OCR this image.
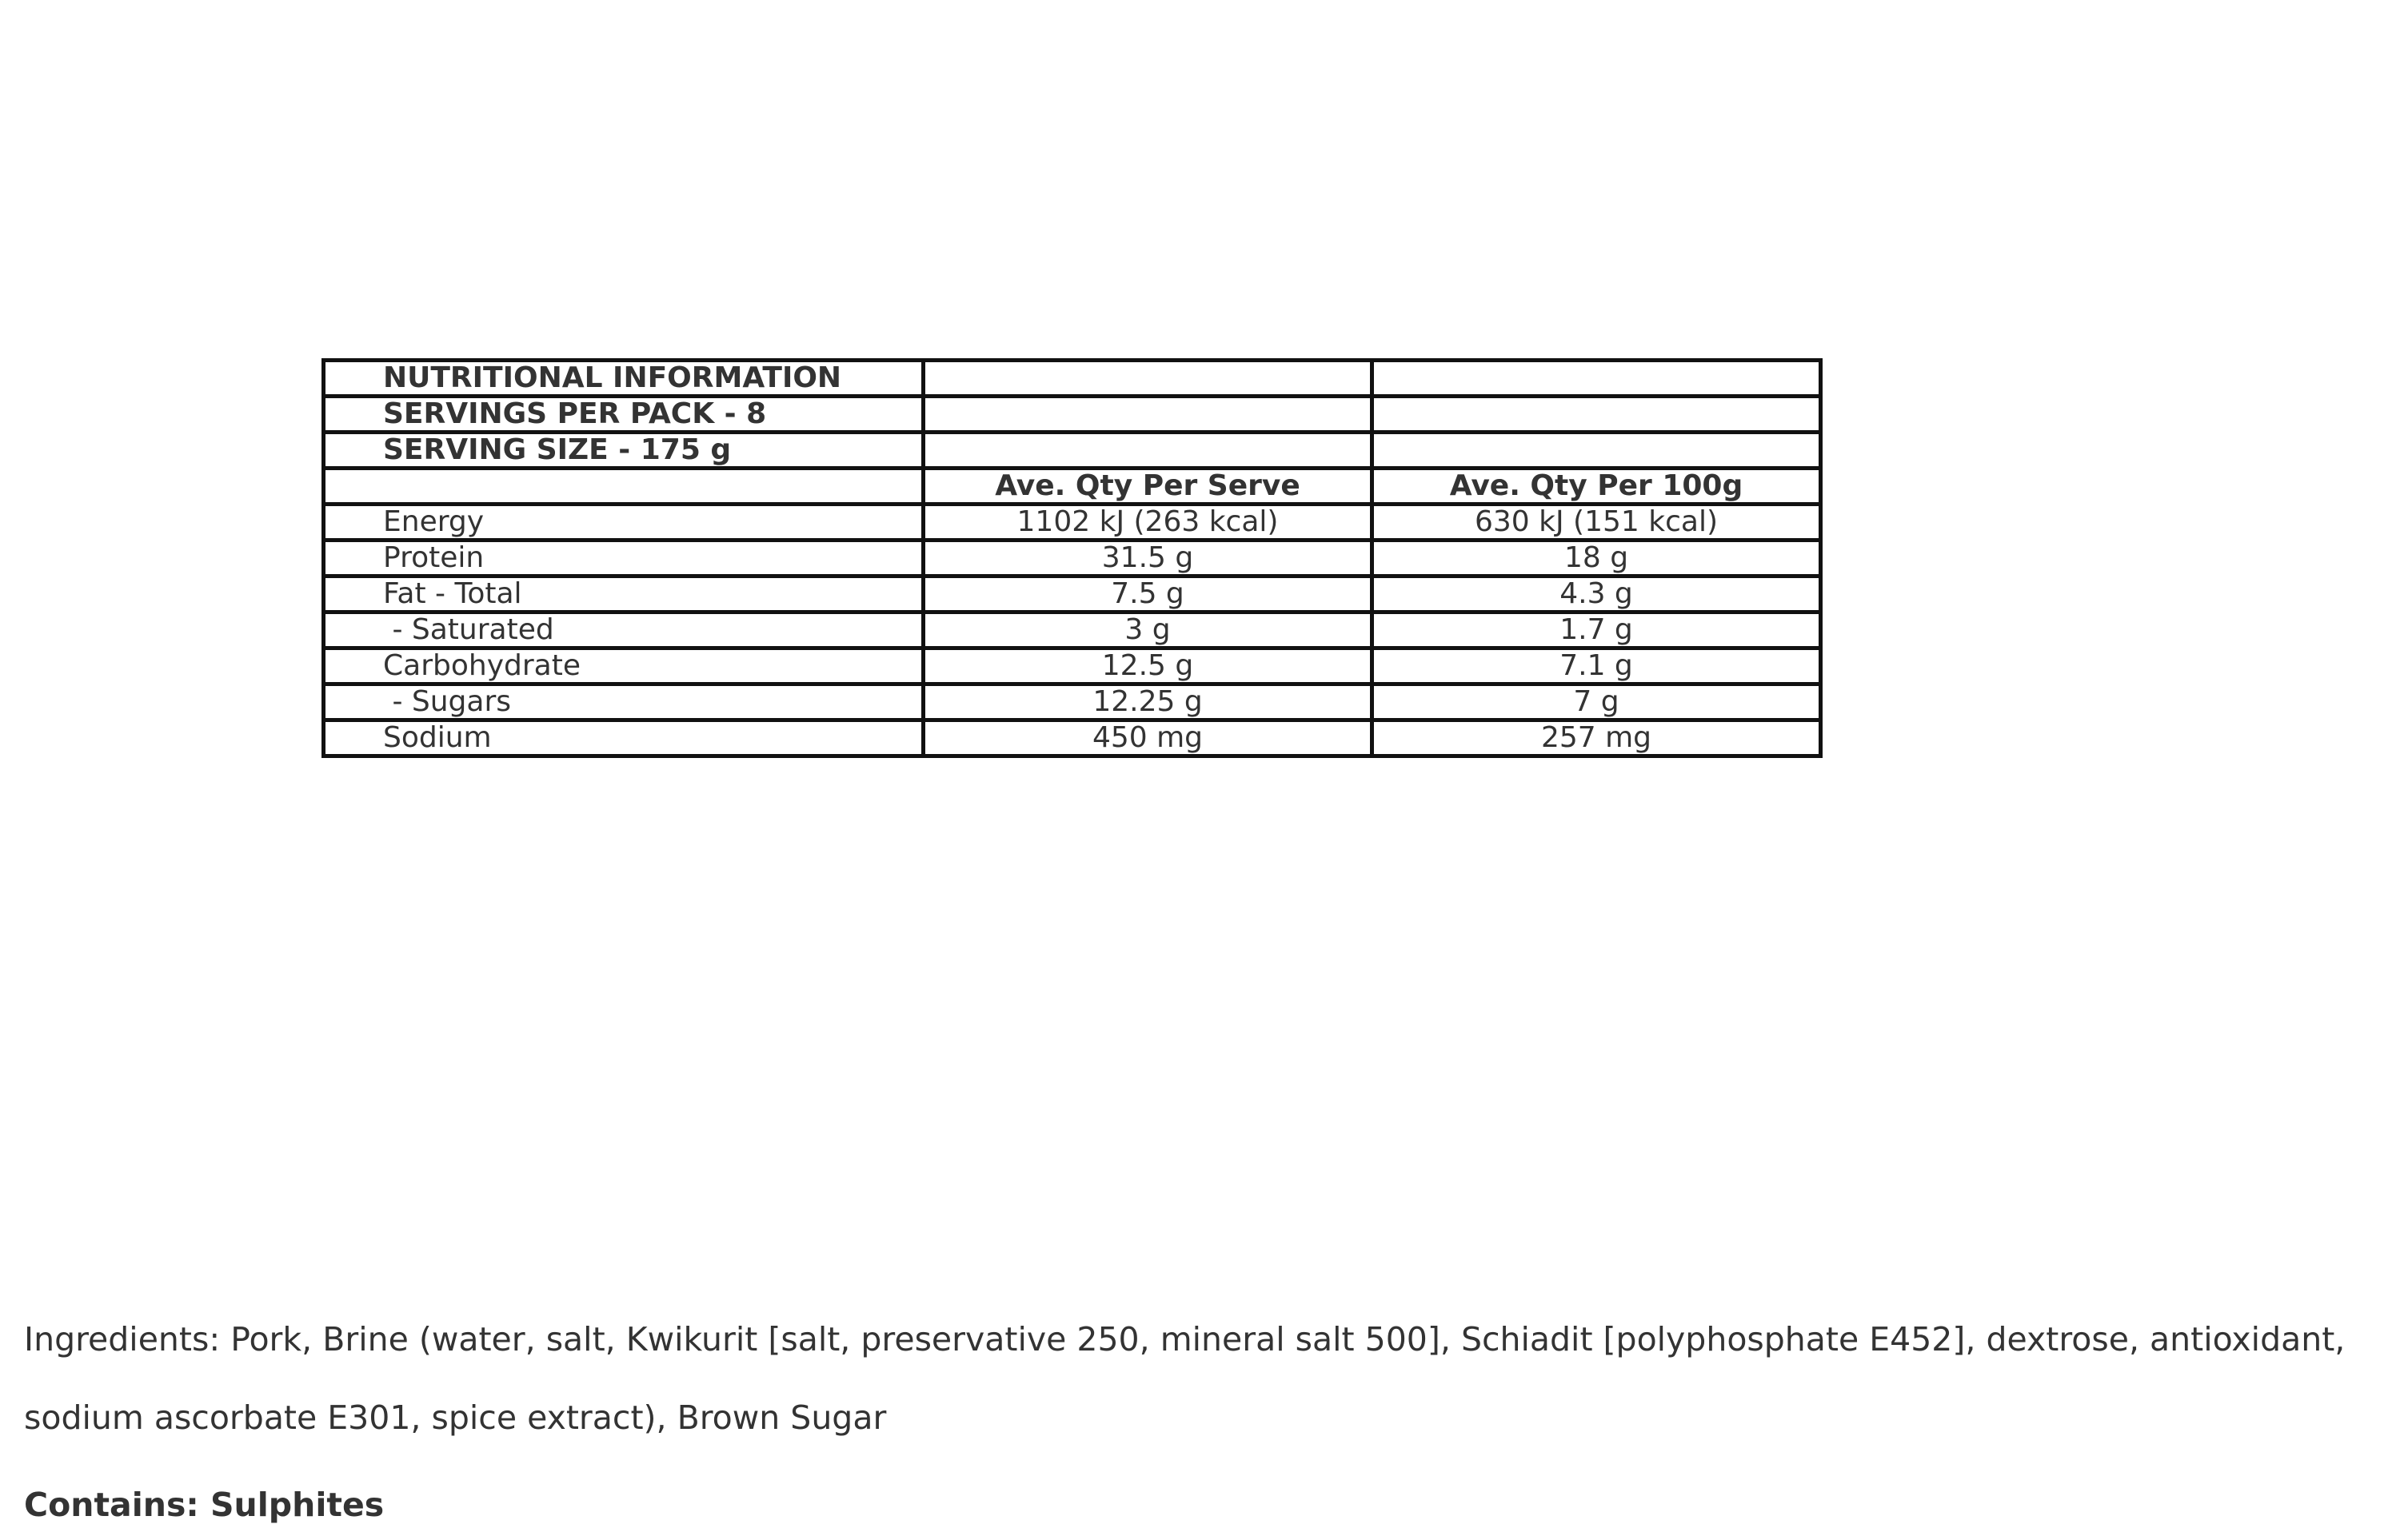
NUTRITIONAL INFORMATION		
SERVINGS PER PACK - 8		
SERVING SIZE - 175 g		
	Ave. Qty Per Serve	Ave. Qty Per 100g
Energy	1102 kJ (263 kcal)	630 kJ (151 kcal)
Protein	31.5 g	18 g
Fat - Total	7.5 g	4.3 g
- Saturated	3 g	1.7 g
Carbohydrate	12.5 g	7.1 g
- Sugars	12.25 g	7 g
Sodium	450 mg	257 mg

Ingredients: Pork, Brine (water, salt, Kwikurit [salt, preservative 250, mineral salt 500], Schiadit [polyphosphate E452], dextrose, antioxidant, sodium ascorbate E301, spice extract), Brown Sugar

Contains: Sulphites
